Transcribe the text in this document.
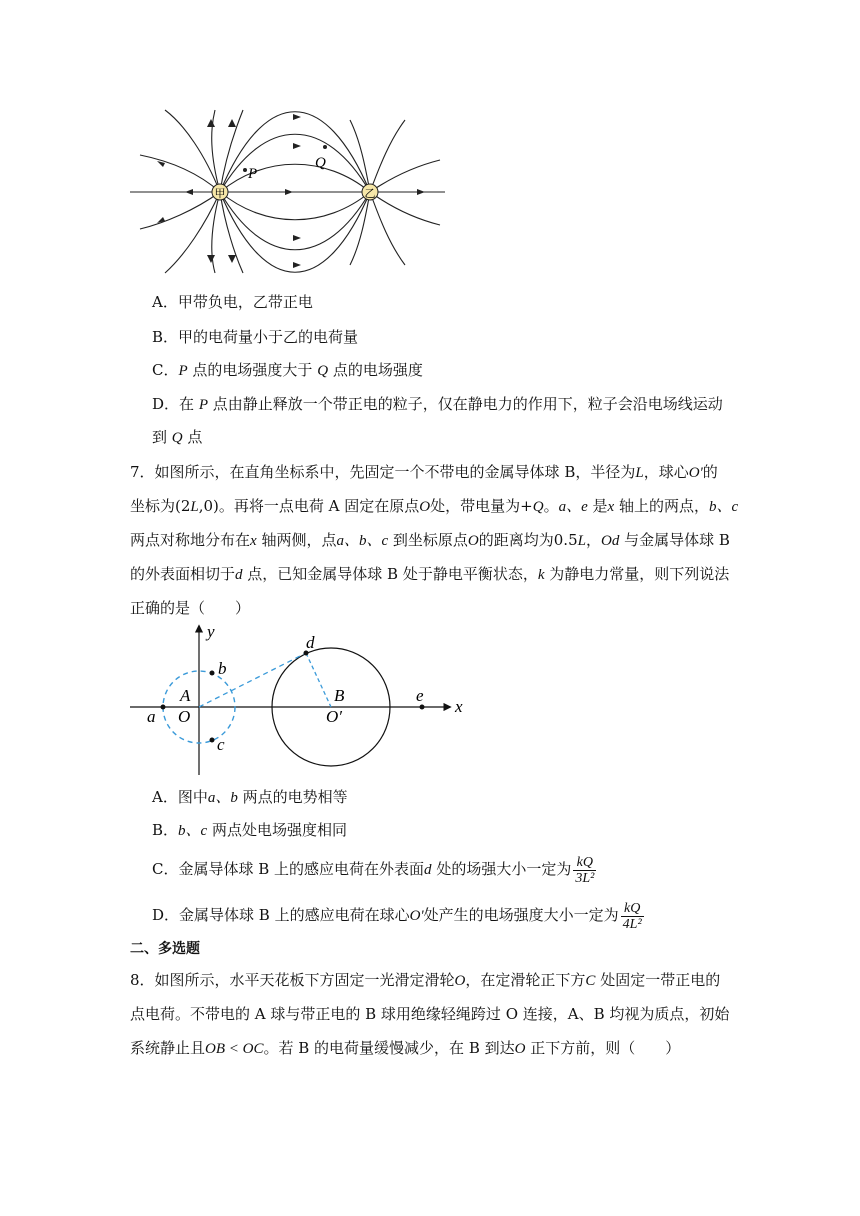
P
Q
甲	乙
A．甲带负电，乙带正电
B．甲的电荷量小于乙的电荷量
C．P 点的电场强度大于 Q 点的电场强度
D．在 P 点由静止释放一个带正电的粒子，仅在静电力的作用下，粒子会沿电场线运动
到 Q 点
7．如图所示，在直角坐标系中，先固定一个不带电的金属导体球 B，半径为L，球心O'的
坐标为(2L,0)。再将一点电荷 A 固定在原点O处，带电量为+Q。a、e 是x 轴上的两点，b、c
两点对称地分布在x 轴两侧，点a、b、c 到坐标原点O的距离均为0.5L，Od 与金属导体球 B
的外表面相切于d 点，已知金属导体球 B 处于静电平衡状态，k 为静电力常量，则下列说法
正确的是（　　）
y
x
b
c
A
O
a
d
B
O′
e
A．图中a、b 两点的电势相等
B．b、c 两点处电场强度相同
C．金属导体球 B 上的感应电荷在外表面d 处的场强大小一定为 $\frac{kQ}{\text{3L²}}$
D．金属导体球 B 上的感应电荷在球心O'处产生的电场强度大小一定为 $\frac{kQ}{\text{4L²}}$
二、多选题
8．如图所示，水平天花板下方固定一光滑定滑轮O，在定滑轮正下方C 处固定一带正电的
点电荷。不带电的 A 球与带正电的 B 球用绝缘轻绳跨过 O 连接，A、B 均视为质点，初始
系统静止且OB < OC。若 B 的电荷量缓慢减少，在 B 到达O 正下方前，则（　　）
